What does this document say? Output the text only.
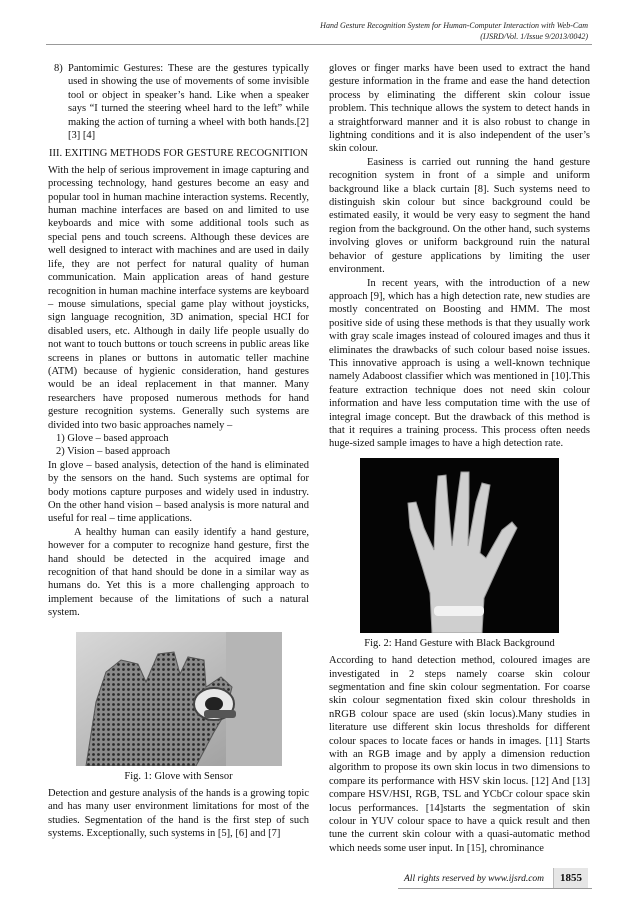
Hand Gesture Recognition System for Human-Computer Interaction with Web-Cam
(IJSRD/Vol. 1/Issue 9/2013/0042)

8) Pantomimic Gestures: These are the gestures typically used in showing the use of movements of some invisible tool or object in speaker’s hand. Like when a speaker says “I turned the steering wheel hard to the left” while making the action of turning a wheel with both hands.[2] [3] [4]

III. EXITING METHODS FOR GESTURE RECOGNITION

With the help of serious improvement in image capturing and processing technology, hand gestures become an easy and popular tool in human machine interaction systems. Recently, human machine interfaces are based on and limited to use keyboards and mice with some additional tools such as special pens and touch screens. Although these devices are well designed to interact with machines and are used in daily life, they are not perfect for natural quality of human communication. Main application areas of hand gesture recognition in human machine interface systems are keyboard – mouse simulations, special game play without joysticks, sign language recognition, 3D animation, special HCI for disabled users, etc. Although in daily life people usually do not want to touch buttons or touch screens in public areas like screens in planes or buttons in automatic teller machine (ATM) because of hygienic consideration, hand gestures would be an ideal replacement in that manner. Many researchers have proposed numerous methods for hand gesture recognition systems. Generally such systems are divided into two basic approaches namely –

1) Glove – based approach

2) Vision – based approach

In glove – based analysis, detection of the hand is eliminated by the sensors on the hand. Such systems are optimal for body motions capture purposes and widely used in industry. On the other hand vision – based analysis is more natural and useful for real – time applications.

A healthy human can easily identify a hand gesture, however for a computer to recognize hand gesture, first the hand should be detected in the acquired image and recognition of that hand should be done in a similar way as humans do. Yet this is a more challenging approach to implement because of the limitations of such a natural system.

Fig. 1: Glove with Sensor

Detection and gesture analysis of the hands is a growing topic and has many user environment limitations for most of the studies. Segmentation of the hand is the first step of such systems. Exceptionally, such systems in [5], [6] and [7]

gloves or finger marks have been used to extract the hand gesture information in the frame and ease the hand detection process by eliminating the different skin colour issue problem. This technique allows the system to detect hands in a straightforward manner and it is also robust to change in lightning conditions and it is also independent of the user’s skin colour.

Easiness is carried out running the hand gesture recognition system in front of a simple and uniform background like a black curtain [8]. Such systems need to distinguish skin colour but since background could be estimated easily, it would be very easy to segment the hand region from the background. On the other hand, such systems involving gloves or uniform background ruin the natural behavior of gesture applications by limiting the user environment.

In recent years, with the introduction of a new approach [9], which has a high detection rate, new studies are mostly concentrated on Boosting and HMM. The most positive side of using these methods is that they usually work with gray scale images instead of coloured images and thus it eliminates the drawbacks of such colour based noise issues. This innovative approach is using a well-known technique namely Adaboost classifier which was mentioned in [10].This feature extraction technique does not need skin colour information and have less computation time with the use of integral image concept. But the drawback of this method is that it requires a training process. This process often needs huge-sized sample images to have a high detection rate.

Fig. 2: Hand Gesture with Black Background

According to hand detection method, coloured images are investigated in 2 steps namely coarse skin colour segmentation and fine skin colour segmentation. For coarse skin colour segmentation fixed skin colour thresholds in nRGB colour space are used (skin locus).Many studies in literature use different skin locus thresholds for different colour spaces to locate faces or hands in images. [11] Starts with an RGB image and by apply a dimension reduction algorithm to propose its own skin locus in two dimensions to compare its performance with HSV skin locus. [12] And [13] compare HSV/HSI, RGB, TSL and YCbCr colour space skin locus performances. [14]starts the segmentation of skin colour in YUV colour space to have a quick result and then tune the current skin colour with a quasi-automatic method which needs some user input. In [15], chrominance

All rights reserved by www.ijsrd.com	1855
